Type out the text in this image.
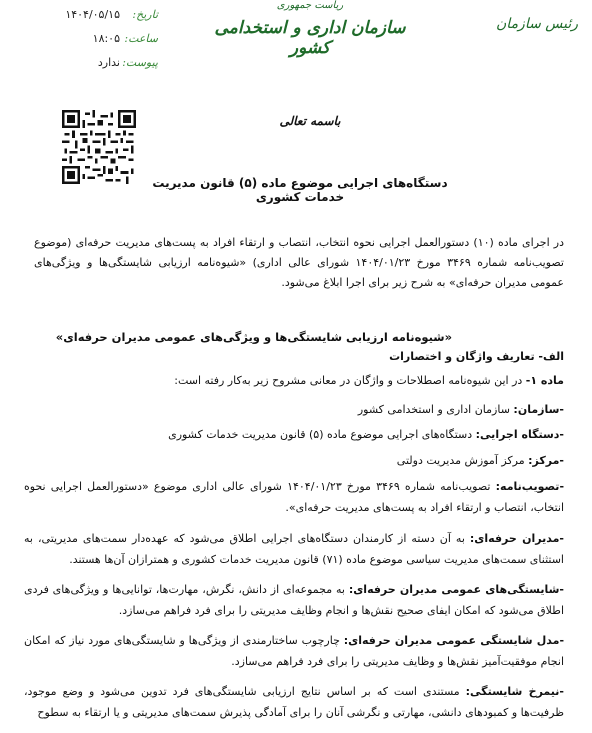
تاریخ:
۱۴۰۴/۰۵/۱۵
ساعت:
۱۸:۰۵
پیوست:
ندارد
ریاست جمهوری
سازمان اداری و استخدامی کشور
رئیس سازمان
باسمه تعالی
دستگاه‌های اجرایی موضوع ماده (۵) قانون مدیریت خدمات کشوری
در اجرای ماده (۱۰) دستورالعمل اجرایی نحوه انتخاب، انتصاب و ارتقاء افراد به پست‌های مدیریت حرفه‌ای (موضوع تصویب‌نامه شماره ۳۴۶۹ مورخ ۱۴۰۴/۰۱/۲۳ شورای عالی اداری) «شیوه‌نامه ارزیابی شایستگی‌ها و ویژگی‌های عمومی مدیران حرفه‌ای» به شرح زیر برای اجرا ابلاغ می‌شود.
«شیوه‌نامه ارزیابی شایستگی‌ها و ویژگی‌های عمومی مدیران حرفه‌ای»
الف- تعاریف واژگان و اختصارات
ماده ۱- در این شیوه‌نامه اصطلاحات و واژگان در معانی مشروح زیر به‌کار رفته است:
-سازمان: سازمان اداری و استخدامی کشور
-دستگاه اجرایی: دستگاه‌های اجرایی موضوع ماده (۵) قانون مدیریت خدمات کشوری
-مرکز: مرکز آموزش مدیریت دولتی
-تصویب‌نامه: تصویب‌نامه شماره ۳۴۶۹ مورخ ۱۴۰۴/۰۱/۲۳ شورای عالی اداری موضوع «دستورالعمل اجرایی نحوه انتخاب، انتصاب و ارتقاء افراد به پست‌های مدیریت حرفه‌ای».
-مدیران حرفه‌ای: به آن دسته از کارمندان دستگاه‌های اجرایی اطلاق می‌شود که عهده‌دار سمت‌های مدیریتی، به استثنای سمت‌های مدیریت سیاسی موضوع ماده (۷۱) قانون مدیریت خدمات کشوری و همترازان آن‌ها هستند.
-شایستگی‌های عمومی مدیران حرفه‌ای: به مجموعه‌ای از دانش، نگرش، مهارت‌ها، توانایی‌ها و ویژگی‌های فردی اطلاق می‌شود که امکان ایفای صحیح نقش‌ها و انجام وظایف مدیریتی را برای فرد فراهم می‌سازد.
-مدل شایستگی عمومی مدیران حرفه‌ای: چارچوب ساختارمندی از ویژگی‌ها و شایستگی‌های مورد نیاز که امکان انجام موفقیت‌آمیز نقش‌ها و وظایف مدیریتی را برای فرد فراهم می‌سازد.
-نیمرخ شایستگی: مستندی است که بر اساس نتایج ارزیابی شایستگی‌های فرد تدوین می‌شود و وضع موجود، ظرفیت‌ها و کمبودهای دانشی، مهارتی و نگرشی آنان را برای آمادگی پذیرش سمت‌های مدیریتی و یا ارتقاء به سطوح
